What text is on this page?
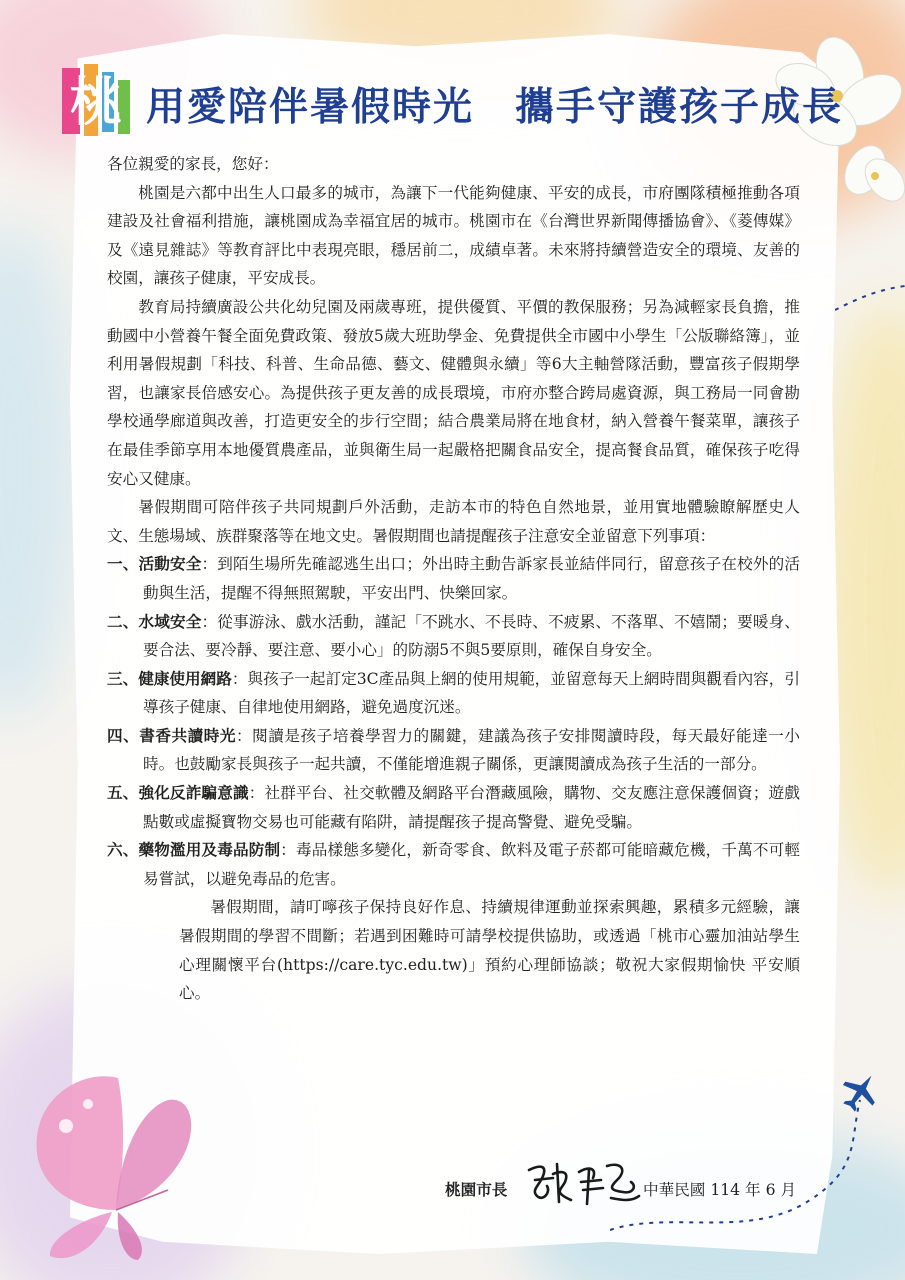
桃 用愛陪伴暑假時光　攜手守護孩子成長

各位親愛的家長，您好：

桃園是六都中出生人口最多的城市，為讓下一代能夠健康、平安的成長，市府團隊積極推動各項建設及社會福利措施，讓桃園成為幸福宜居的城市。桃園市在《台灣世界新聞傳播協會》、《菱傳媒》及《遠見雜誌》等教育評比中表現亮眼，穩居前二，成績卓著。未來將持續營造安全的環境、友善的校園，讓孩子健康，平安成長。

教育局持續廣設公共化幼兒園及兩歲專班，提供優質、平價的教保服務；另為減輕家長負擔，推動國中小營養午餐全面免費政策、發放5歲大班助學金、免費提供全市國中小學生「公版聯絡簿」，並利用暑假規劃「科技、科普、生命品德、藝文、健體與永續」等6大主軸營隊活動，豐富孩子假期學習，也讓家長倍感安心。為提供孩子更友善的成長環境，市府亦整合跨局處資源，與工務局一同會勘學校通學廊道與改善，打造更安全的步行空間；結合農業局將在地食材，納入營養午餐菜單，讓孩子在最佳季節享用本地優質農產品，並與衛生局一起嚴格把關食品安全，提高餐食品質，確保孩子吃得安心又健康。

暑假期間可陪伴孩子共同規劃戶外活動，走訪本市的特色自然地景，並用實地體驗瞭解歷史人文、生態場域、族群聚落等在地文史。暑假期間也請提醒孩子注意安全並留意下列事項：

一、活動安全：到陌生場所先確認逃生出口；外出時主動告訴家長並結伴同行，留意孩子在校外的活動與生活，提醒不得無照駕駛，平安出門、快樂回家。

二、水域安全：從事游泳、戲水活動，謹記「不跳水、不長時、不疲累、不落單、不嬉鬧；要暖身、要合法、要冷靜、要注意、要小心」的防溺5不與5要原則，確保自身安全。

三、健康使用網路：與孩子一起訂定3C產品與上網的使用規範，並留意每天上網時間與觀看內容，引導孩子健康、自律地使用網路，避免過度沉迷。

四、書香共讀時光：閱讀是孩子培養學習力的關鍵，建議為孩子安排閱讀時段，每天最好能達一小時。也鼓勵家長與孩子一起共讀，不僅能增進親子關係，更讓閱讀成為孩子生活的一部分。

五、強化反詐騙意識：社群平台、社交軟體及網路平台潛藏風險，購物、交友應注意保護個資；遊戲點數或虛擬寶物交易也可能藏有陷阱，請提醒孩子提高警覺、避免受騙。

六、藥物濫用及毒品防制：毒品樣態多變化，新奇零食、飲料及電子菸都可能暗藏危機，千萬不可輕易嘗試，以避免毒品的危害。

暑假期間，請叮嚀孩子保持良好作息、持續規律運動並探索興趣，累積多元經驗，讓暑假期間的學習不間斷；若遇到困難時可請學校提供協助，或透過「桃市心靈加油站學生心理關懷平台(https://care.tyc.edu.tw)」預約心理師協談；敬祝大家假期愉快 平安順心。

桃園市長	中華民國 114 年 6 月
